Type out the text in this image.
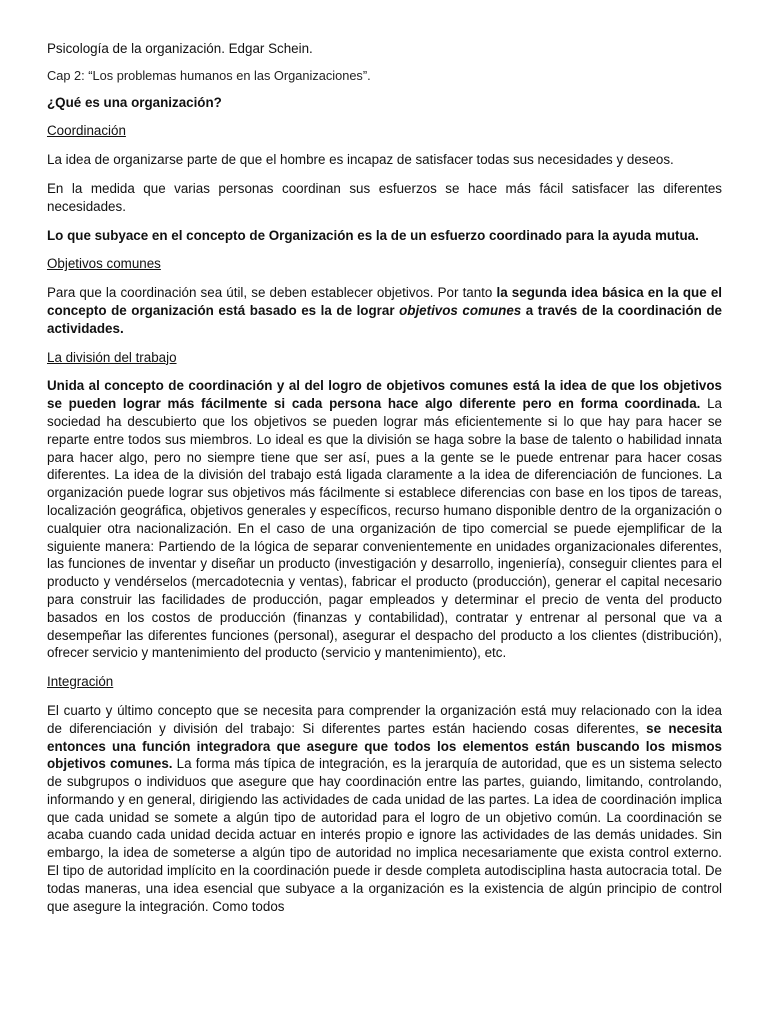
Psicología de la organización. Edgar Schein.

Cap 2: “Los problemas humanos en las Organizaciones”.

¿Qué es una organización?

Coordinación

La idea de organizarse parte de que el hombre es incapaz de satisfacer todas sus necesidades y deseos.

En la medida que varias personas coordinan sus esfuerzos se hace más fácil satisfacer las diferentes necesidades.

Lo que subyace en el concepto de Organización es la de un esfuerzo coordinado para la ayuda mutua.

Objetivos comunes

Para que la coordinación sea útil, se deben establecer objetivos. Por tanto la segunda idea básica en la que el concepto de organización está basado es la de lograr objetivos comunes a través de la coordinación de actividades.

La división del trabajo

Unida al concepto de coordinación y al del logro de objetivos comunes está la idea de que los objetivos se pueden lograr más fácilmente si cada persona hace algo diferente pero en forma coordinada. La sociedad ha descubierto que los objetivos se pueden lograr más eficientemente si lo que hay para hacer se reparte entre todos sus miembros. Lo ideal es que la división se haga sobre la base de talento o habilidad innata para hacer algo, pero no siempre tiene que ser así, pues a la gente se le puede entrenar para hacer cosas diferentes. La idea de la división del trabajo está ligada claramente a la idea de diferenciación de funciones. La organización puede lograr sus objetivos más fácilmente si establece diferencias con base en los tipos de tareas, localización geográfica, objetivos generales y específicos, recurso humano disponible dentro de la organización o cualquier otra nacionalización. En el caso de una organización de tipo comercial se puede ejemplificar de la siguiente manera: Partiendo de la lógica de separar convenientemente en unidades organizacionales diferentes, las funciones de inventar y diseñar un producto (investigación y desarrollo, ingeniería), conseguir clientes para el producto y vendérselos (mercadotecnia y ventas), fabricar el producto (producción), generar el capital necesario para construir las facilidades de producción, pagar empleados y determinar el precio de venta del producto basados en los costos de producción (finanzas y contabilidad), contratar y entrenar al personal que va a desempeñar las diferentes funciones (personal), asegurar el despacho del producto a los clientes (distribución), ofrecer servicio y mantenimiento del producto (servicio y mantenimiento), etc.

Integración

El cuarto y último concepto que se necesita para comprender la organización está muy relacionado con la idea de diferenciación y división del trabajo: Si diferentes partes están haciendo cosas diferentes, se necesita entonces una función integradora que asegure que todos los elementos están buscando los mismos objetivos comunes. La forma más típica de integración, es la jerarquía de autoridad, que es un sistema selecto de subgrupos o individuos que asegure que hay coordinación entre las partes, guiando, limitando, controlando, informando y en general, dirigiendo las actividades de cada unidad de las partes. La idea de coordinación implica que cada unidad se somete a algún tipo de autoridad para el logro de un objetivo común. La coordinación se acaba cuando cada unidad decida actuar en interés propio e ignore las actividades de las demás unidades. Sin embargo, la idea de someterse a algún tipo de autoridad no implica necesariamente que exista control externo. El tipo de autoridad implícito en la coordinación puede ir desde completa autodisciplina hasta autocracia total. De todas maneras, una idea esencial que subyace a la organización es la existencia de algún principio de control que asegure la integración. Como todos
